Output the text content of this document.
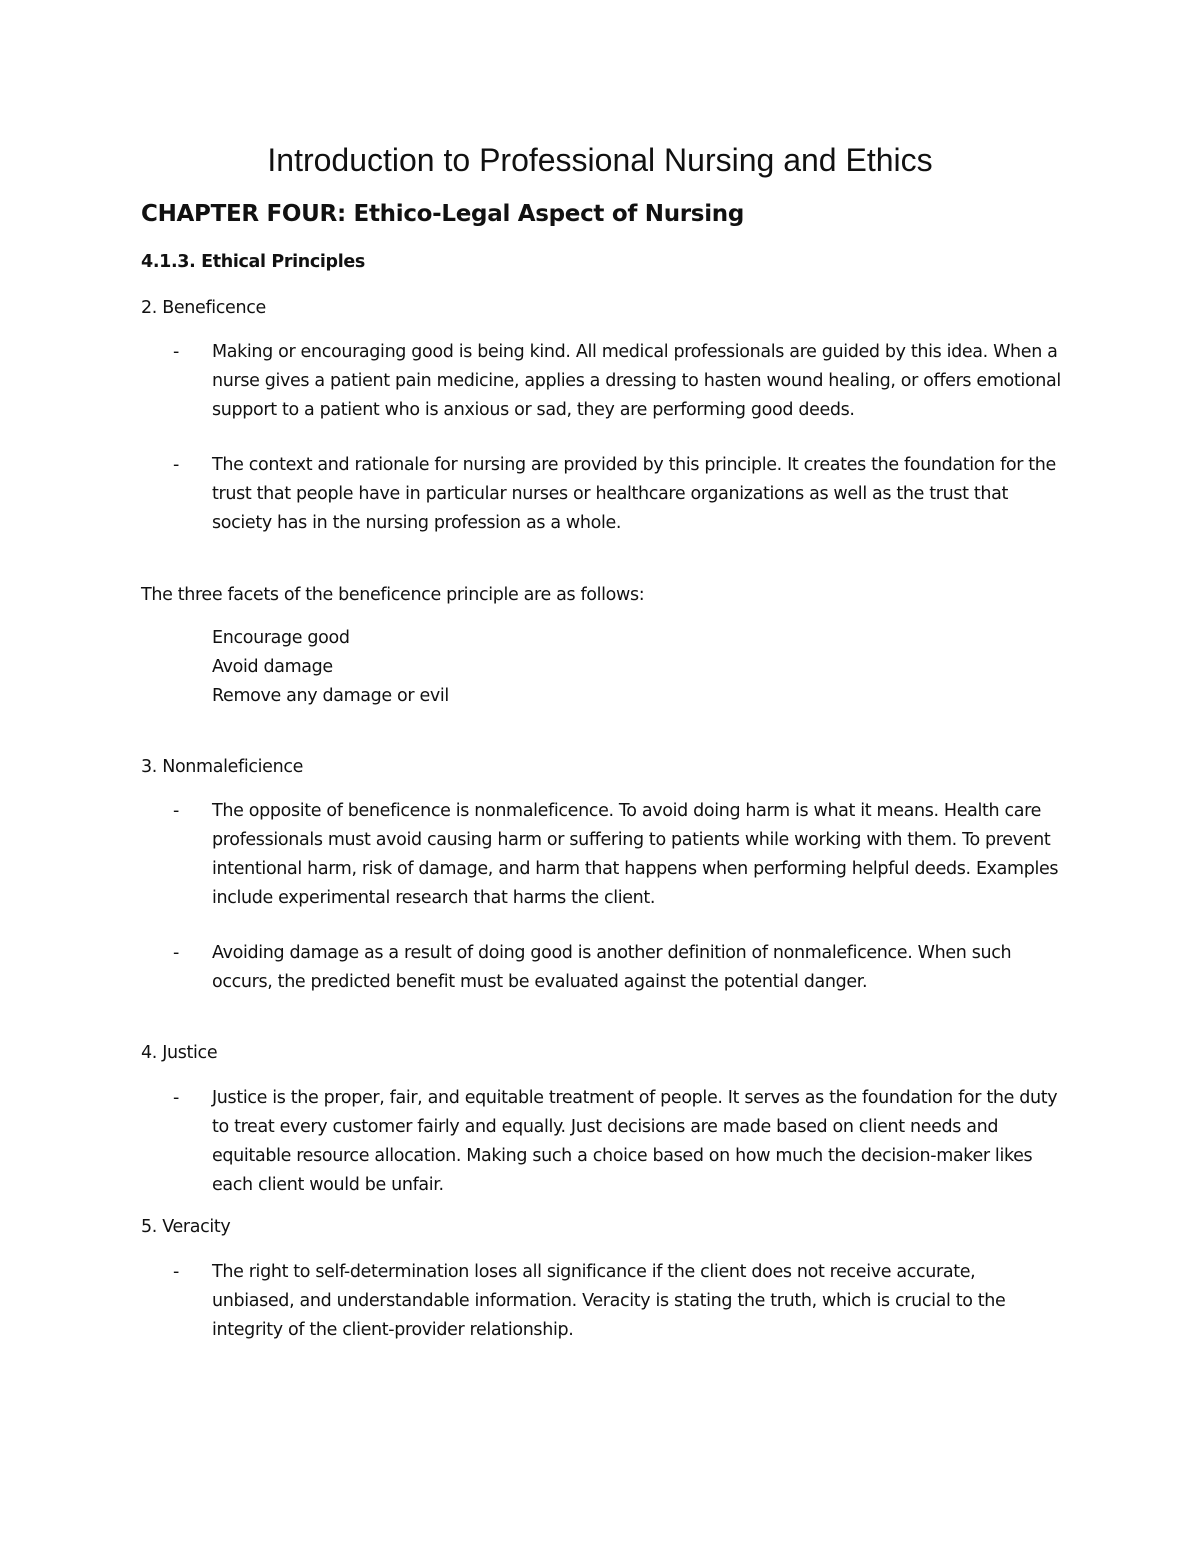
Introduction to Professional Nursing and Ethics
CHAPTER FOUR: Ethico-Legal Aspect of Nursing

4.1.3. Ethical Principles

2. Beneficence

- Making or encouraging good is being kind. All medical professionals are guided by this idea. When a nurse gives a patient pain medicine, applies a dressing to hasten wound healing, or offers emotional support to a patient who is anxious or sad, they are performing good deeds.

- The context and rationale for nursing are provided by this principle. It creates the foundation for the trust that people have in particular nurses or healthcare organizations as well as the trust that society has in the nursing profession as a whole.

The three facets of the beneficence principle are as follows:

Encourage good
Avoid damage
Remove any damage or evil

3. Nonmaleficience

- The opposite of beneficence is nonmaleficence. To avoid doing harm is what it means. Health care professionals must avoid causing harm or suffering to patients while working with them. To prevent intentional harm, risk of damage, and harm that happens when performing helpful deeds. Examples include experimental research that harms the client.

- Avoiding damage as a result of doing good is another definition of nonmaleficence. When such occurs, the predicted benefit must be evaluated against the potential danger.

4. Justice

- Justice is the proper, fair, and equitable treatment of people. It serves as the foundation for the duty to treat every customer fairly and equally. Just decisions are made based on client needs and equitable resource allocation. Making such a choice based on how much the decision-maker likes each client would be unfair.

5. Veracity

- The right to self-determination loses all significance if the client does not receive accurate, unbiased, and understandable information. Veracity is stating the truth, which is crucial to the integrity of the client-provider relationship.
